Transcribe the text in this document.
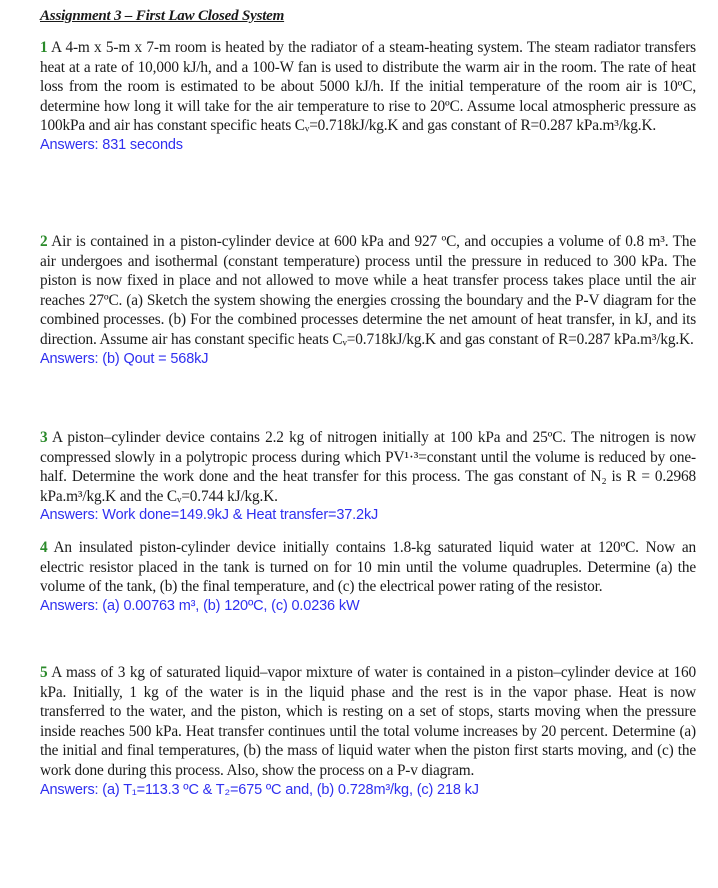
Assignment 3 – First Law Closed System
1 A 4-m x 5-m x 7-m room is heated by the radiator of a steam-heating system. The steam radiator transfers heat at a rate of 10,000 kJ/h, and a 100-W fan is used to distribute the warm air in the room. The rate of heat loss from the room is estimated to be about 5000 kJ/h. If the initial temperature of the room air is 10ºC, determine how long it will take for the air temperature to rise to 20ºC. Assume local atmospheric pressure as 100kPa and air has constant specific heats Cᵥ=0.718kJ/kg.K and gas constant of R=0.287 kPa.m³/kg.K.
Answers: 831 seconds
2 Air is contained in a piston-cylinder device at 600 kPa and 927 ºC, and occupies a volume of 0.8 m³. The air undergoes and isothermal (constant temperature) process until the pressure in reduced to 300 kPa. The piston is now fixed in place and not allowed to move while a heat transfer process takes place until the air reaches 27ºC. (a) Sketch the system showing the energies crossing the boundary and the P-V diagram for the combined processes. (b) For the combined processes determine the net amount of heat transfer, in kJ, and its direction. Assume air has constant specific heats Cᵥ=0.718kJ/kg.K and gas constant of R=0.287 kPa.m³/kg.K.
Answers: (b) Qout = 568kJ
3 A piston–cylinder device contains 2.2 kg of nitrogen initially at 100 kPa and 25ºC. The nitrogen is now compressed slowly in a polytropic process during which PV¹·³=constant until the volume is reduced by one-half. Determine the work done and the heat transfer for this process. The gas constant of N₂ is R = 0.2968 kPa.m³/kg.K and the Cᵥ=0.744 kJ/kg.K.
Answers: Work done=149.9kJ & Heat transfer=37.2kJ
4 An insulated piston-cylinder device initially contains 1.8-kg saturated liquid water at 120ºC. Now an electric resistor placed in the tank is turned on for 10 min until the volume quadruples. Determine (a) the volume of the tank, (b) the final temperature, and (c) the electrical power rating of the resistor.
Answers: (a) 0.00763 m³, (b) 120ºC, (c) 0.0236 kW
5 A mass of 3 kg of saturated liquid–vapor mixture of water is contained in a piston–cylinder device at 160 kPa. Initially, 1 kg of the water is in the liquid phase and the rest is in the vapor phase. Heat is now transferred to the water, and the piston, which is resting on a set of stops, starts moving when the pressure inside reaches 500 kPa. Heat transfer continues until the total volume increases by 20 percent. Determine (a) the initial and final temperatures, (b) the mass of liquid water when the piston first starts moving, and (c) the work done during this process. Also, show the process on a P-v diagram.
Answers: (a) T₁=113.3 ºC & T₂=675 ºC and, (b) 0.728m³/kg, (c) 218 kJ
